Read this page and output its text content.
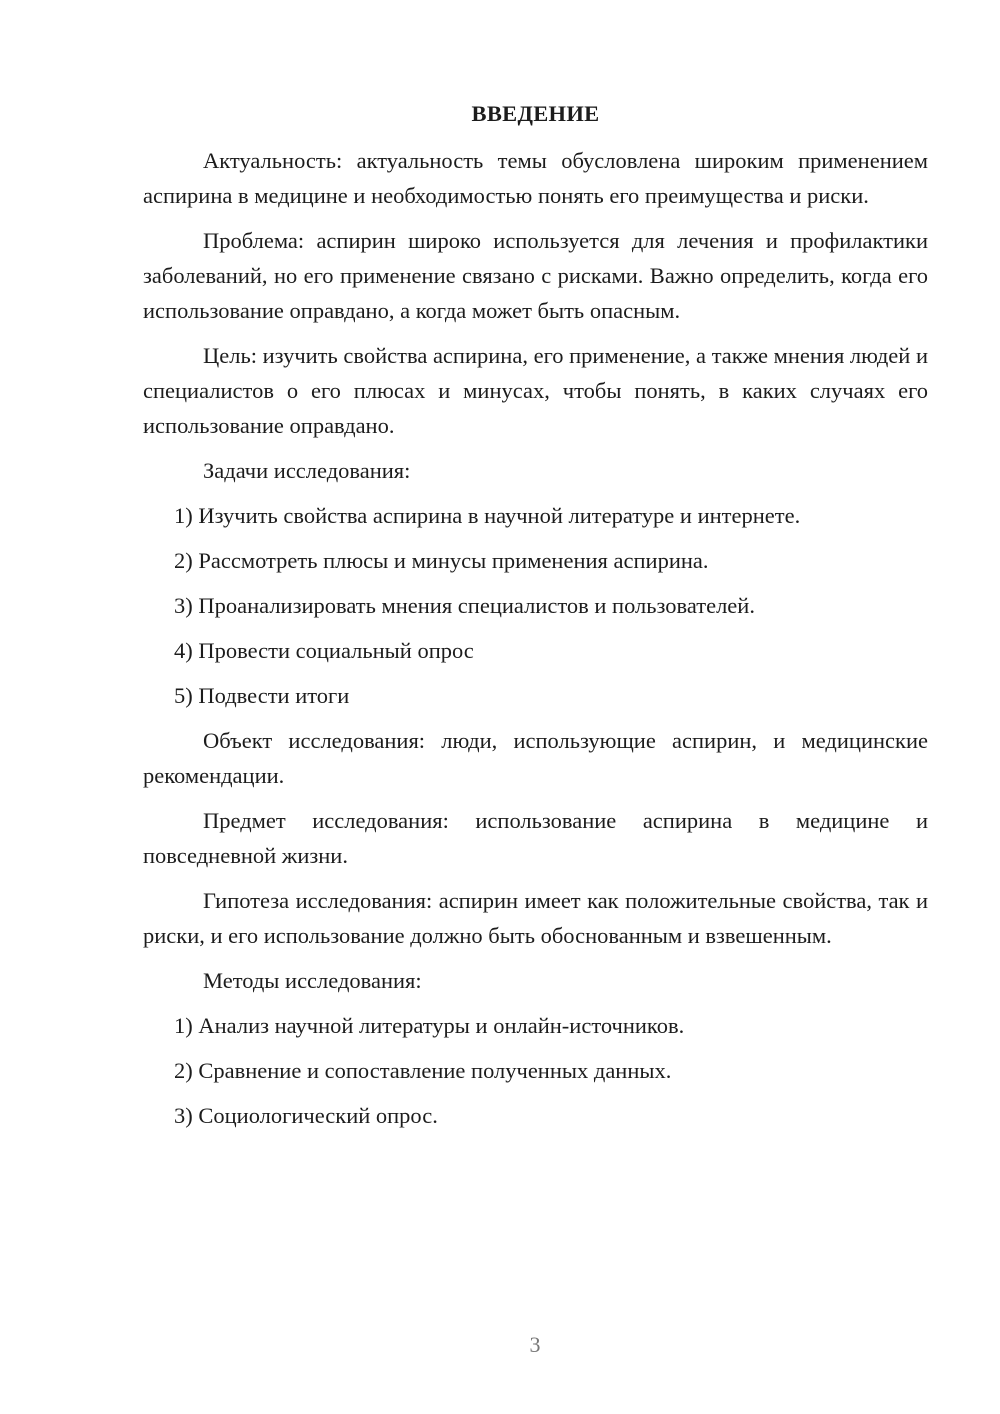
ВВЕДЕНИЕ

Актуальность: актуальность темы обусловлена широким применением аспирина в медицине и необходимостью понять его преимущества и риски.

Проблема: аспирин широко используется для лечения и профилактики заболеваний, но его применение связано с рисками. Важно определить, когда его использование оправдано, а когда может быть опасным.

Цель: изучить свойства аспирина, его применение, а также мнения людей и специалистов о его плюсах и минусах, чтобы понять, в каких случаях его использование оправдано.

Задачи исследования:

1) Изучить свойства аспирина в научной литературе и интернете.
2) Рассмотреть плюсы и минусы применения аспирина.
3) Проанализировать мнения специалистов и пользователей.
4) Провести социальный опрос
5) Подвести итоги

Объект исследования: люди, использующие аспирин, и медицинские рекомендации.

Предмет исследования: использование аспирина в медицине и повседневной жизни.

Гипотеза исследования: аспирин имеет как положительные свойства, так и риски, и его использование должно быть обоснованным и взвешенным.

Методы исследования:

1) Анализ научной литературы и онлайн-источников.
2) Сравнение и сопоставление полученных данных.
3) Социологический опрос.
3
